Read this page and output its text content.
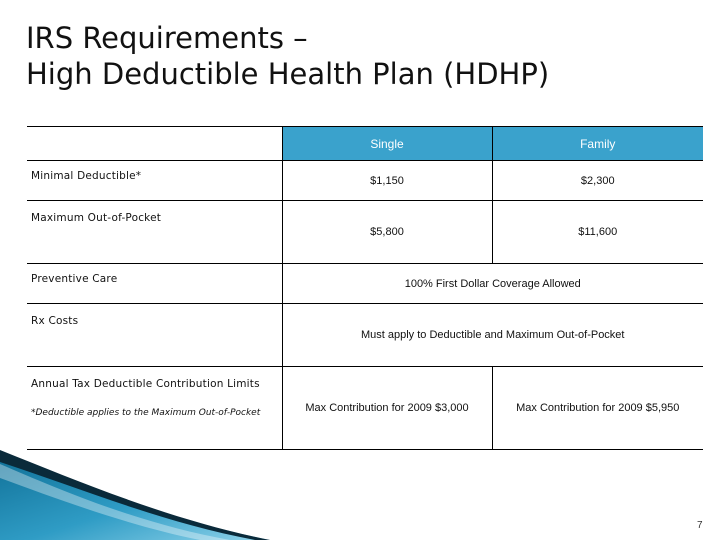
IRS Requirements –
High Deductible Health Plan (HDHP)
	Single	Family
Minimal Deductible*	$1,150	$2,300
Maximum Out-of-Pocket	$5,800	$11,600
Preventive Care	100% First Dollar Coverage Allowed	
Rx Costs	Must apply to Deductible and Maximum Out-of-Pocket	
Annual Tax Deductible Contribution Limits	Max Contribution for 2009 $3,000	Max Contribution for 2009 $5,950
*Deductible applies to the Maximum Out-of-Pocket
7
